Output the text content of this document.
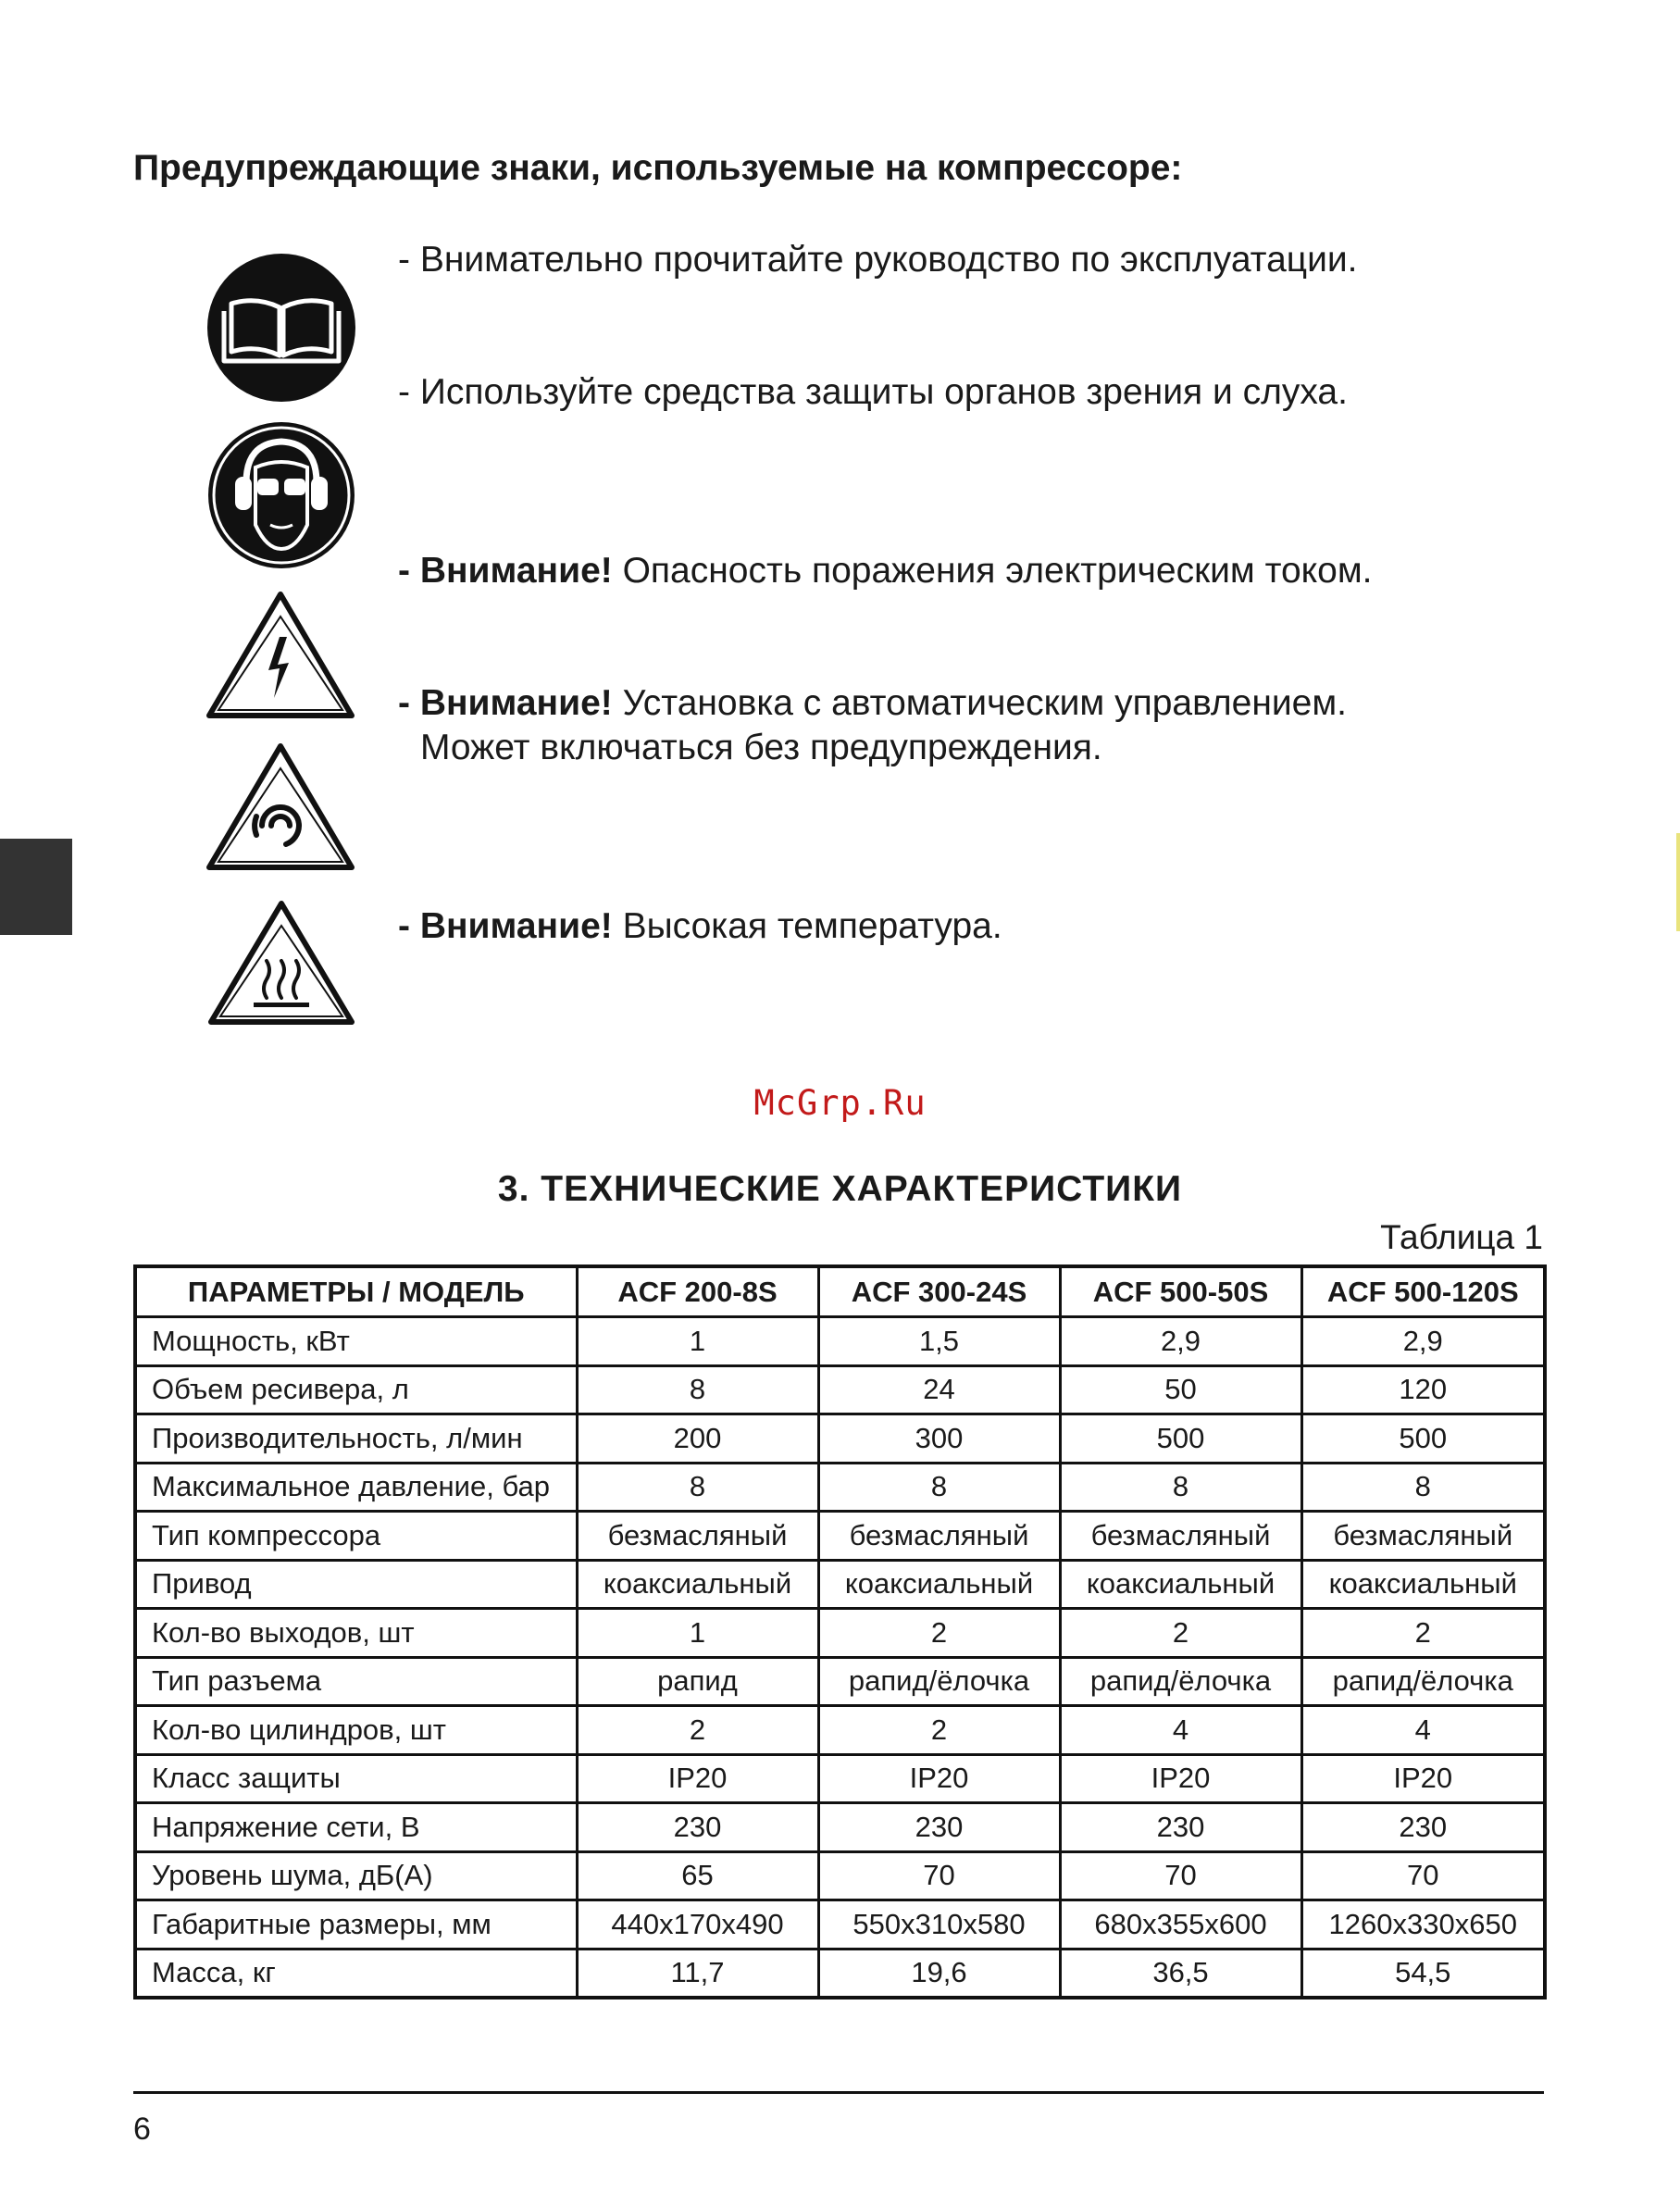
Предупреждающие знаки, используемые на компрессоре:
- Внимательно прочитайте руководство по эксплуатации.
- Используйте средства защиты органов зрения и слуха.
- Внимание! Опасность поражения электрическим током.
- Внимание! Установка с автоматическим управлением.
Может включаться без предупреждения.
- Внимание! Высокая температура.
McGrp.Ru
3. ТЕХНИЧЕСКИЕ ХАРАКТЕРИСТИКИ
Таблица 1
ПАРАМЕТРЫ / МОДЕЛЬ	ACF 200-8S	ACF 300-24S	ACF 500-50S	ACF 500-120S
Мощность, кВт	1	1,5	2,9	2,9
Объем ресивера, л	8	24	50	120
Производительность, л/мин	200	300	500	500
Максимальное давление, бар	8	8	8	8
Тип компрессора	безмасляный	безмасляный	безмасляный	безмасляный
Привод	коаксиальный	коаксиальный	коаксиальный	коаксиальный
Кол-во выходов, шт	1	2	2	2
Тип разъема	рапид	рапид/ёлочка	рапид/ёлочка	рапид/ёлочка
Кол-во цилиндров, шт	2	2	4	4
Класс защиты	IP20	IP20	IP20	IP20
Напряжение сети, В	230	230	230	230
Уровень шума, дБ(А)	65	70	70	70
Габаритные размеры, мм	440x170x490	550x310x580	680x355x600	1260x330x650
Масса, кг	11,7	19,6	36,5	54,5
6
